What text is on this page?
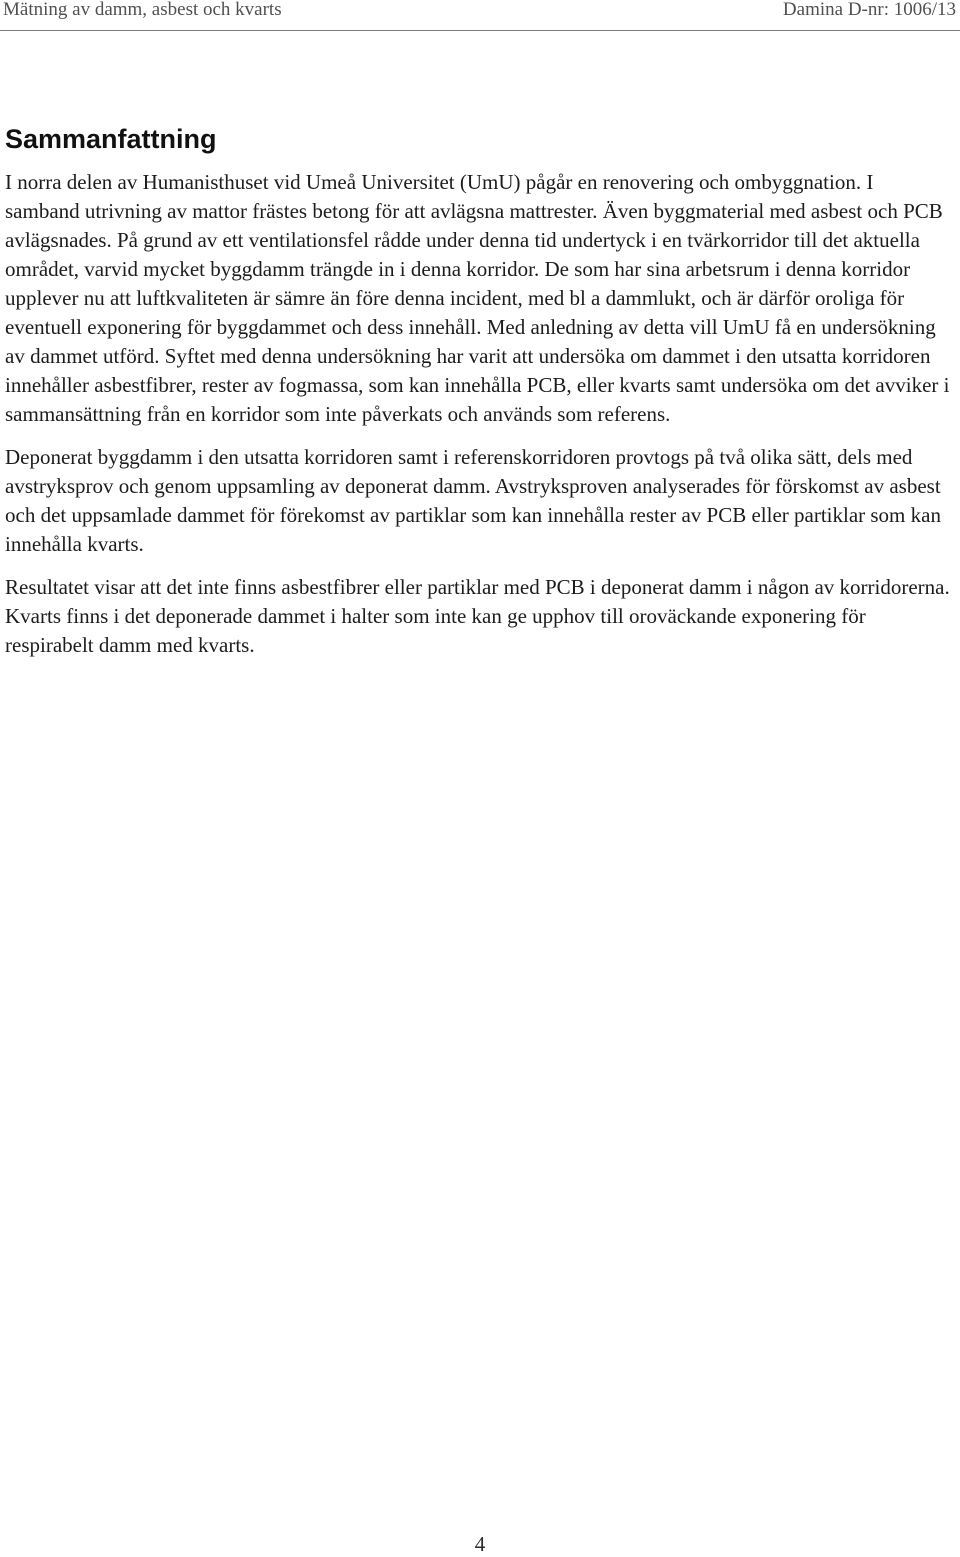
Mätning av damm, asbest och kvarts	Damina D-nr: 1006/13
Sammanfattning

I norra delen av Humanisthuset vid Umeå Universitet (UmU) pågår en renovering och ombyggnation. I samband utrivning av mattor frästes betong för att avlägsna mattrester. Även byggmaterial med asbest och PCB avlägsnades. På grund av ett ventilationsfel rådde under denna tid undertyck i en tvärkorridor till det aktuella området, varvid mycket byggdamm trängde in i denna korridor. De som har sina arbetsrum i denna korridor upplever nu att luftkvaliteten är sämre än före denna incident, med bl a dammlukt, och är därför oroliga för eventuell exponering för byggdammet och dess innehåll. Med anledning av detta vill UmU få en undersökning av dammet utförd. Syftet med denna undersökning har varit att undersöka om dammet i den utsatta korridoren innehåller asbestfibrer, rester av fogmassa, som kan innehålla PCB, eller kvarts samt undersöka om det avviker i sammansättning från en korridor som inte påverkats och används som referens.

Deponerat byggdamm i den utsatta korridoren samt i referenskorridoren provtogs på två olika sätt, dels med avstryksprov och genom uppsamling av deponerat damm. Avstryksproven analyserades för förskomst av asbest och det uppsamlade dammet för förekomst av partiklar som kan innehålla rester av PCB eller partiklar som kan innehålla kvarts.

Resultatet visar att det inte finns asbestfibrer eller partiklar med PCB i deponerat damm i någon av korridorerna. Kvarts finns i det deponerade dammet i halter som inte kan ge upphov till oroväckande exponering för respirabelt damm med kvarts.

4
